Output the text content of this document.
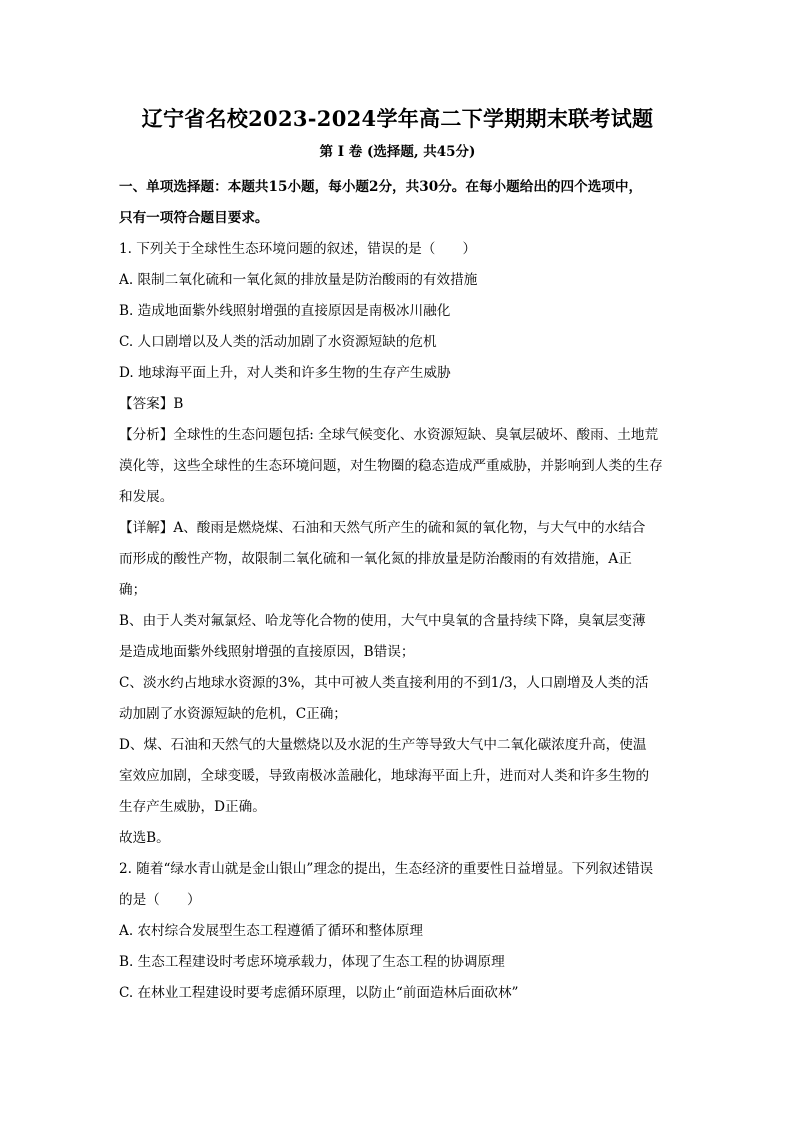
辽宁省名校2023-2024学年高二下学期期末联考试题
第 Ⅰ 卷 (选择题, 共45分)
一、单项选择题：本题共15小题，每小题2分，共30分。在每小题给出的四个选项中，
只有一项符合题目要求。
1. 下列关于全球性生态环境问题的叙述，错误的是（　　）
A. 限制二氧化硫和一氧化氮的排放量是防治酸雨的有效措施
B. 造成地面紫外线照射增强的直接原因是南极冰川融化
C. 人口剧增以及人类的活动加剧了水资源短缺的危机
D. 地球海平面上升，对人类和许多生物的生存产生威胁
【答案】B
【分析】全球性的生态问题包括: 全球气候变化、水资源短缺、臭氧层破坏、酸雨、土地荒
漠化等，这些全球性的生态环境问题，对生物圈的稳态造成严重威胁，并影响到人类的生存
和发展。
【详解】A、酸雨是燃烧煤、石油和天然气所产生的硫和氮的氧化物，与大气中的水结合
而形成的酸性产物，故限制二氧化硫和一氧化氮的排放量是防治酸雨的有效措施，A正
确；
B、由于人类对氟氯烃、哈龙等化合物的使用，大气中臭氧的含量持续下降，臭氧层变薄
是造成地面紫外线照射增强的直接原因，B错误；
C、淡水约占地球水资源的3%，其中可被人类直接利用的不到1/3，人口剧增及人类的活
动加剧了水资源短缺的危机，C正确；
D、煤、石油和天然气的大量燃烧以及水泥的生产等导致大气中二氧化碳浓度升高，使温
室效应加剧，全球变暖，导致南极冰盖融化，地球海平面上升，进而对人类和许多生物的
生存产生威胁，D正确。
故选B。
2. 随着“绿水青山就是金山银山”理念的提出，生态经济的重要性日益增显。下列叙述错误
的是（　　）
A. 农村综合发展型生态工程遵循了循环和整体原理
B. 生态工程建设时考虑环境承载力，体现了生态工程的协调原理
C. 在林业工程建设时要考虑循环原理，以防止“前面造林后面砍林”
